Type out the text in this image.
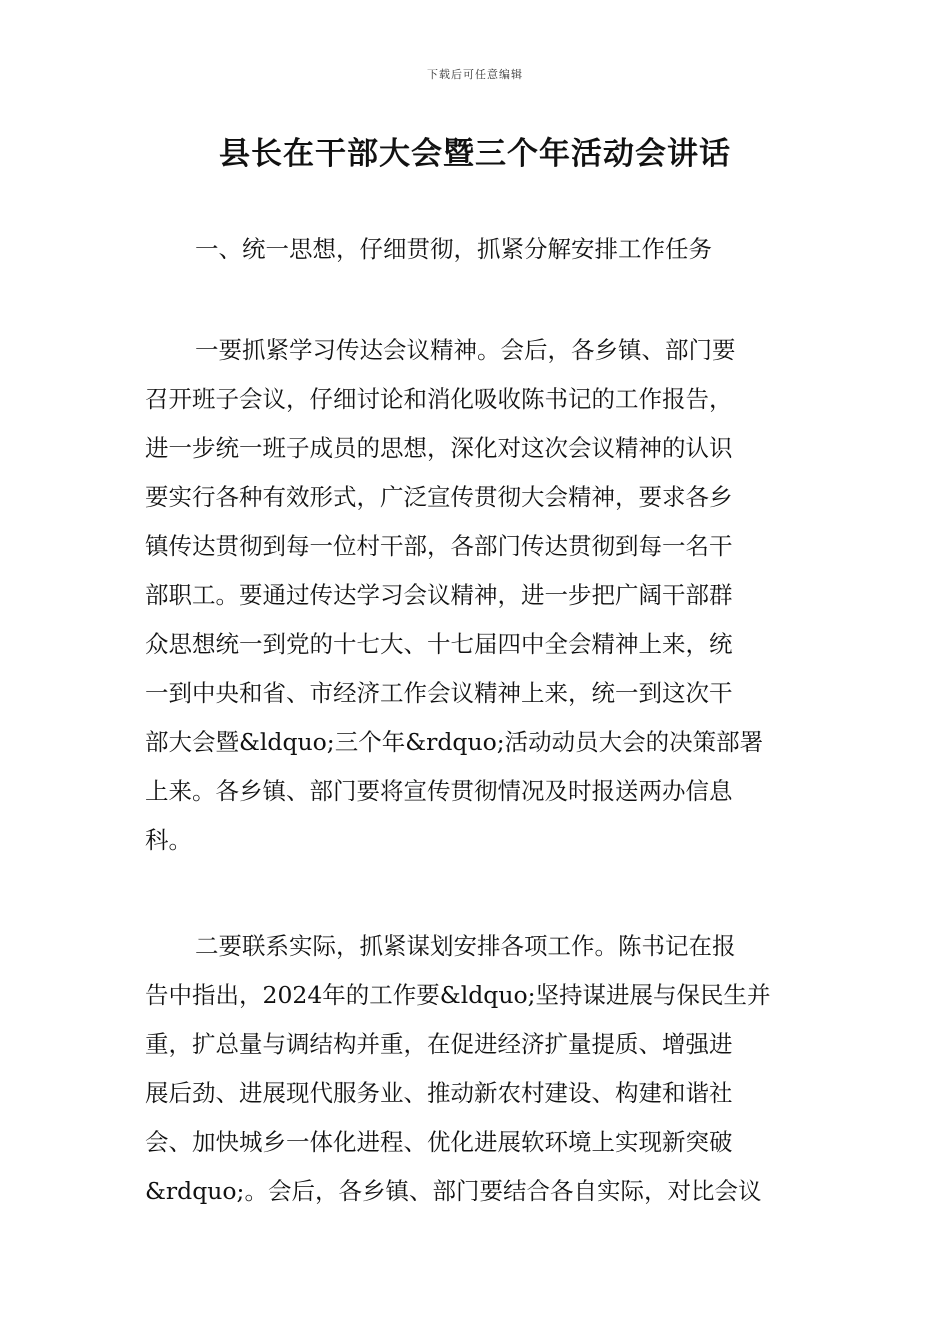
下载后可任意编辑
县长在干部大会暨三个年活动会讲话
一、统一思想，仔细贯彻，抓紧分解安排工作任务
一要抓紧学习传达会议精神。会后，各乡镇、部门要
召开班子会议，仔细讨论和消化吸收陈书记的工作报告，
进一步统一班子成员的思想，深化对这次会议精神的认识
要实行各种有效形式，广泛宣传贯彻大会精神，要求各乡
镇传达贯彻到每一位村干部，各部门传达贯彻到每一名干
部职工。要通过传达学习会议精神，进一步把广阔干部群
众思想统一到党的十七大、十七届四中全会精神上来，统
一到中央和省、市经济工作会议精神上来，统一到这次干
部大会暨&ldquo;三个年&rdquo;活动动员大会的决策部署
上来。各乡镇、部门要将宣传贯彻情况及时报送两办信息
科。
二要联系实际，抓紧谋划安排各项工作。陈书记在报
告中指出，2024年的工作要&ldquo;坚持谋进展与保民生并
重，扩总量与调结构并重，在促进经济扩量提质、增强进
展后劲、进展现代服务业、推动新农村建设、构建和谐社
会、加快城乡一体化进程、优化进展软环境上实现新突破
&rdquo;。会后，各乡镇、部门要结合各自实际，对比会议
